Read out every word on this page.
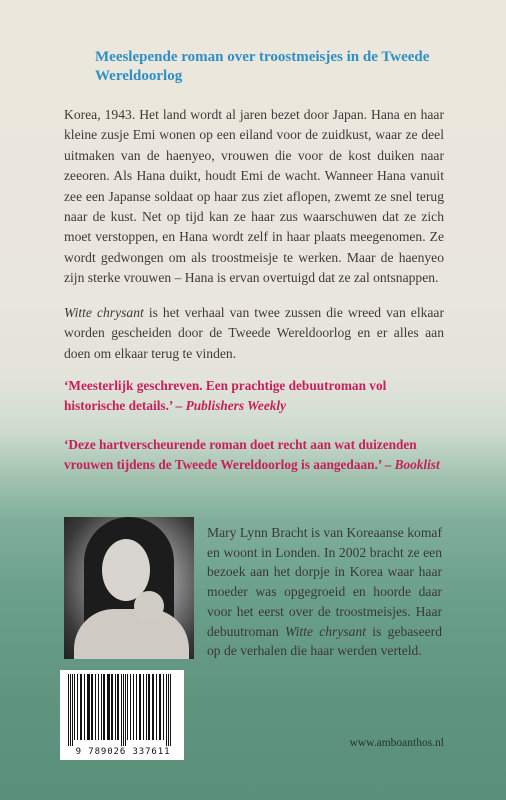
Meeslepende roman over troostmeisjes in de Tweede Wereldoorlog
Korea, 1943. Het land wordt al jaren bezet door Japan. Hana en haar kleine zusje Emi wonen op een eiland voor de zuidkust, waar ze deel uitmaken van de haenyeo, vrouwen die voor de kost duiken naar zeeoren. Als Hana duikt, houdt Emi de wacht. Wanneer Hana vanuit zee een Japanse soldaat op haar zus ziet aflopen, zwemt ze snel terug naar de kust. Net op tijd kan ze haar zus waarschuwen dat ze zich moet verstoppen, en Hana wordt zelf in haar plaats meegenomen. Ze wordt gedwongen om als troostmeisje te werken. Maar de haenyeo zijn sterke vrouwen – Hana is ervan overtuigd dat ze zal ontsnappen.
Witte chrysant is het verhaal van twee zussen die wreed van elkaar worden gescheiden door de Tweede Wereldoorlog en er alles aan doen om elkaar terug te vinden.
‘Meesterlijk geschreven. Een prachtige debuutroman vol historische details.’ – Publishers Weekly
‘Deze hartverscheurende roman doet recht aan wat duizenden vrouwen tijdens de Tweede Wereldoorlog is aangedaan.’ – Booklist
Mary Lynn Bracht is van Koreaanse komaf en woont in Londen. In 2002 bracht ze een bezoek aan het dorpje in Korea waar haar moeder was opgegroeid en hoorde daar voor het eerst over de troostmeisjes. Haar debuutroman Witte chrysant is gebaseerd op de verhalen die haar werden verteld.
9 789026 337611
www.amboanthos.nl
